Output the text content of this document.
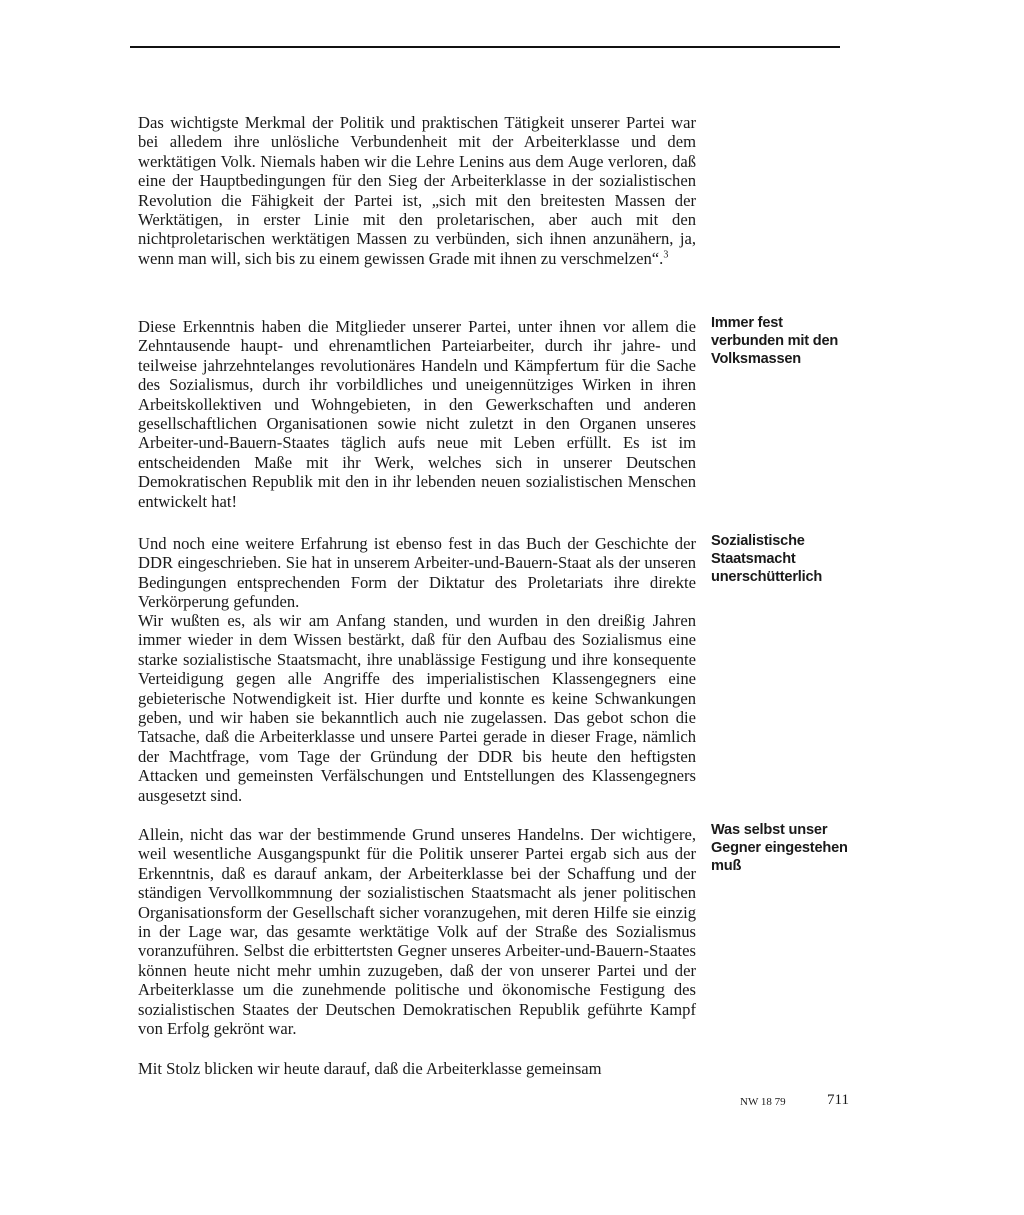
Das wichtigste Merkmal der Politik und praktischen Tätigkeit unserer Partei war bei alledem ihre unlösliche Verbundenheit mit der Arbeiterklasse und dem werktätigen Volk. Niemals haben wir die Lehre Lenins aus dem Auge verloren, daß eine der Hauptbedingungen für den Sieg der Arbeiterklasse in der sozialistischen Revolution die Fähigkeit der Partei ist, „sich mit den breitesten Massen der Werktätigen, in erster Linie mit den proletarischen, aber auch mit den nichtproletarischen werktätigen Massen zu verbünden, sich ihnen anzunähern, ja, wenn man will, sich bis zu einem gewissen Grade mit ihnen zu verschmelzen“.$^3$

Diese Erkenntnis haben die Mitglieder unserer Partei, unter ihnen vor allem die Zehntausende haupt- und ehrenamtlichen Parteiarbeiter, durch ihr jahre- und teilweise jahrzehntelanges revolutionäres Handeln und Kämpfertum für die Sache des Sozialismus, durch ihr vorbildliches und uneigennütziges Wirken in ihren Arbeitskollektiven und Wohngebieten, in den Gewerkschaften und anderen gesellschaftlichen Organisationen sowie nicht zuletzt in den Organen unseres Arbeiter-und-Bauern-Staates täglich aufs neue mit Leben erfüllt. Es ist im entscheidenden Maße mit ihr Werk, welches sich in unserer Deutschen Demokratischen Republik mit den in ihr lebenden neuen sozialistischen Menschen entwickelt hat!

Und noch eine weitere Erfahrung ist ebenso fest in das Buch der Geschichte der DDR eingeschrieben. Sie hat in unserem Arbeiter-und-Bauern-Staat als der unseren Bedingungen entsprechenden Form der Diktatur des Proletariats ihre direkte Verkörperung gefunden.

Wir wußten es, als wir am Anfang standen, und wurden in den dreißig Jahren immer wieder in dem Wissen bestärkt, daß für den Aufbau des Sozialismus eine starke sozialistische Staatsmacht, ihre unablässige Festigung und ihre konsequente Verteidigung gegen alle Angriffe des imperialistischen Klassengegners eine gebieterische Notwendigkeit ist. Hier durfte und konnte es keine Schwankungen geben, und wir haben sie bekanntlich auch nie zugelassen. Das gebot schon die Tatsache, daß die Arbeiterklasse und unsere Partei gerade in dieser Frage, nämlich der Machtfrage, vom Tage der Gründung der DDR bis heute den heftigsten Attacken und gemeinsten Verfälschungen und Entstellungen des Klassengegners ausgesetzt sind.

Allein, nicht das war der bestimmende Grund unseres Handelns. Der wichtigere, weil wesentliche Ausgangspunkt für die Politik unserer Partei ergab sich aus der Erkenntnis, daß es darauf ankam, der Arbeiterklasse bei der Schaffung und der ständigen Vervollkommnung der sozialistischen Staatsmacht als jener politischen Organisationsform der Gesellschaft sicher voranzugehen, mit deren Hilfe sie einzig in der Lage war, das gesamte werktätige Volk auf der Straße des Sozialismus voranzuführen. Selbst die erbittertsten Gegner unseres Arbeiter-und-Bauern-Staates können heute nicht mehr umhin zuzugeben, daß der von unserer Partei und der Arbeiterklasse um die zunehmende politische und ökonomische Festigung des sozialistischen Staates der Deutschen Demokratischen Republik geführte Kampf von Erfolg gekrönt war.

Mit Stolz blicken wir heute darauf, daß die Arbeiterklasse gemeinsam

Immer fest verbunden mit den Volksmassen

Sozialistische Staatsmacht unerschütterlich

Was selbst unser Gegner eingestehen muß

NW 18 79	711
